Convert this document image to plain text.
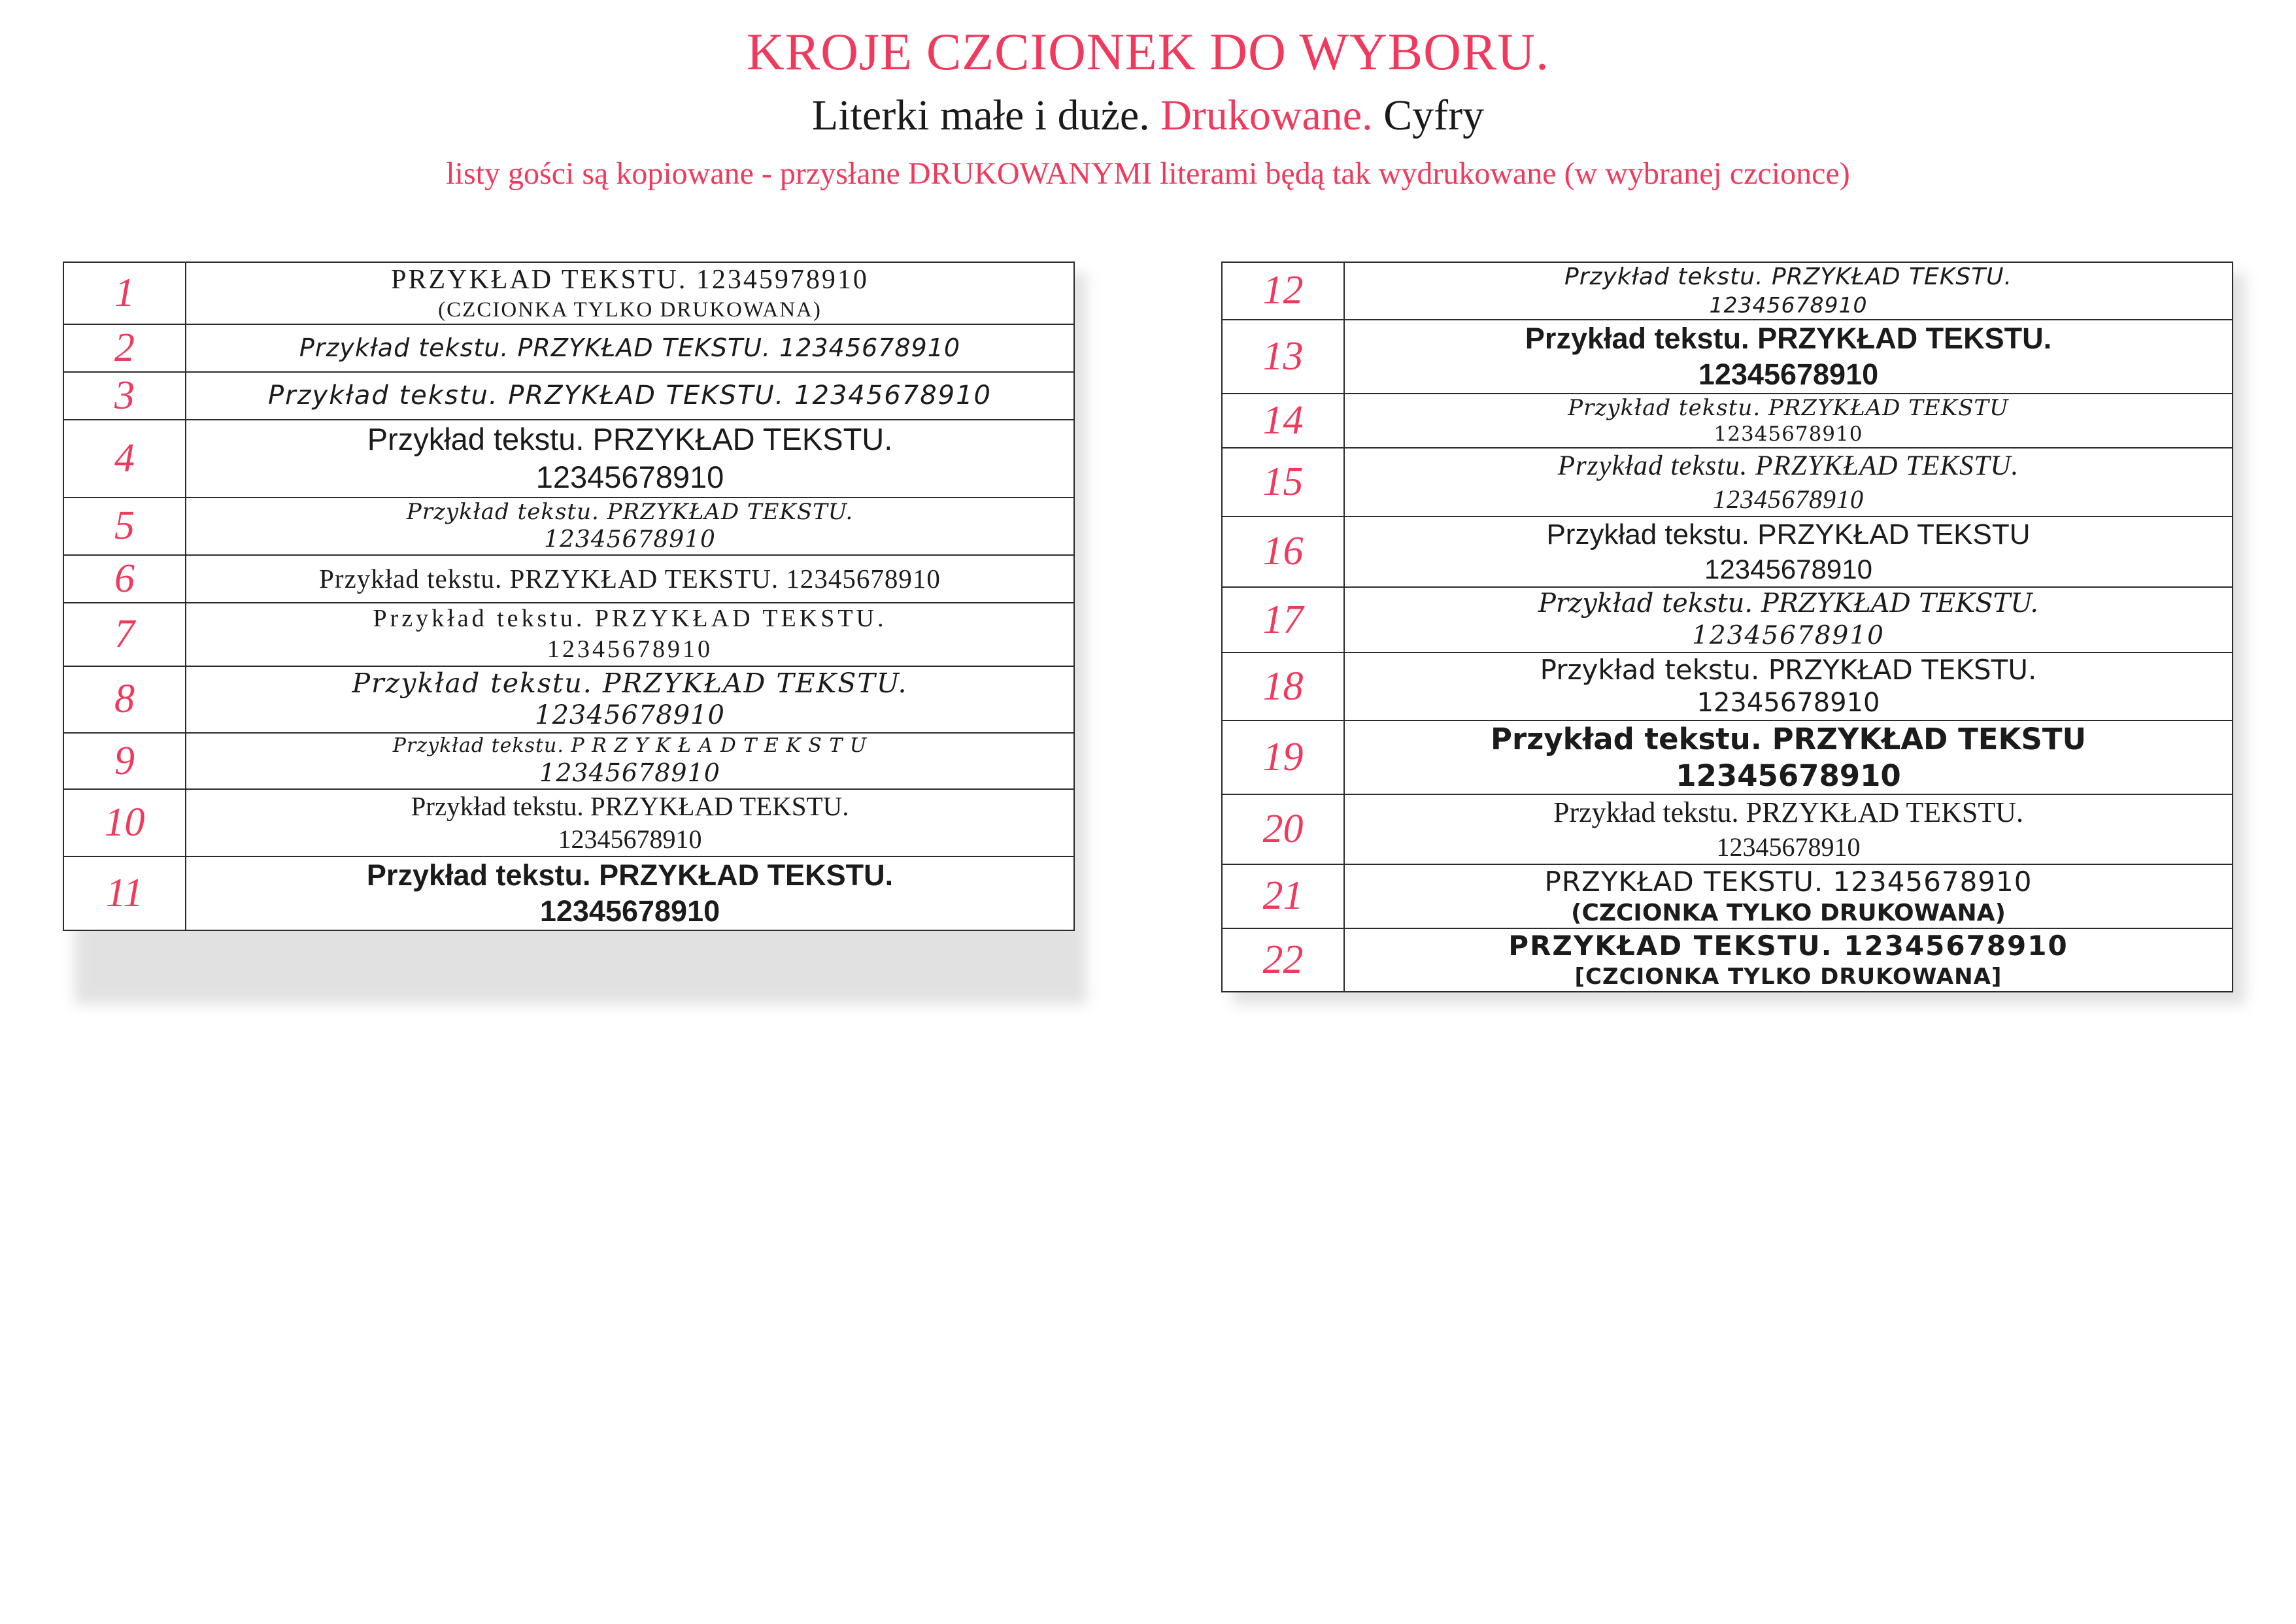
KROJE CZCIONEK DO WYBORU.

Literki małe i duże. Drukowane. Cyfry

listy gości są kopiowane - przysłane DRUKOWANYMI literami będą tak wydrukowane (w wybranej czcionce)

1	PRZYKŁAD TEKSTU. 12345978910
(CZCIONKA TYLKO DRUKOWANA)

2	Przykład tekstu. PRZYKŁAD TEKSTU. 12345678910

3	Przykład tekstu. PRZYKŁAD TEKSTU. 12345678910

4	Przykład tekstu. PRZYKŁAD TEKSTU.
12345678910

5	Przykład tekstu. PRZYKŁAD TEKSTU.
12345678910

6	Przykład tekstu. PRZYKŁAD TEKSTU. 12345678910

7	Przykład tekstu. PRZYKŁAD TEKSTU.
12345678910

8	Przykład tekstu. PRZYKŁAD TEKSTU.
12345678910

9	Przykład tekstu. P R Z Y K Ł A D T E K S T U
12345678910

10	Przykład tekstu. PRZYKŁAD TEKSTU.
12345678910

11	Przykład tekstu. PRZYKŁAD TEKSTU.
12345678910
12	Przykład tekstu. PRZYKŁAD TEKSTU.
12345678910

13	Przykład tekstu. PRZYKŁAD TEKSTU.
12345678910

14	Przykład tekstu. PRZYKŁAD TEKSTU
12345678910

15	Przykład tekstu. PRZYKŁAD TEKSTU.
12345678910

16	Przykład tekstu. PRZYKŁAD TEKSTU
12345678910

17	Przykład tekstu. PRZYKŁAD TEKSTU.
12345678910

18	Przykład tekstu. PRZYKŁAD TEKSTU.
12345678910

19	Przykład tekstu. PRZYKŁAD TEKSTU
12345678910

20	Przykład tekstu. PRZYKŁAD TEKSTU.
12345678910

21	PRZYKŁAD TEKSTU. 12345678910
(CZCIONKA TYLKO DRUKOWANA)

22	PRZYKŁAD TEKSTU. 12345678910
[CZCIONKA TYLKO DRUKOWANA]
